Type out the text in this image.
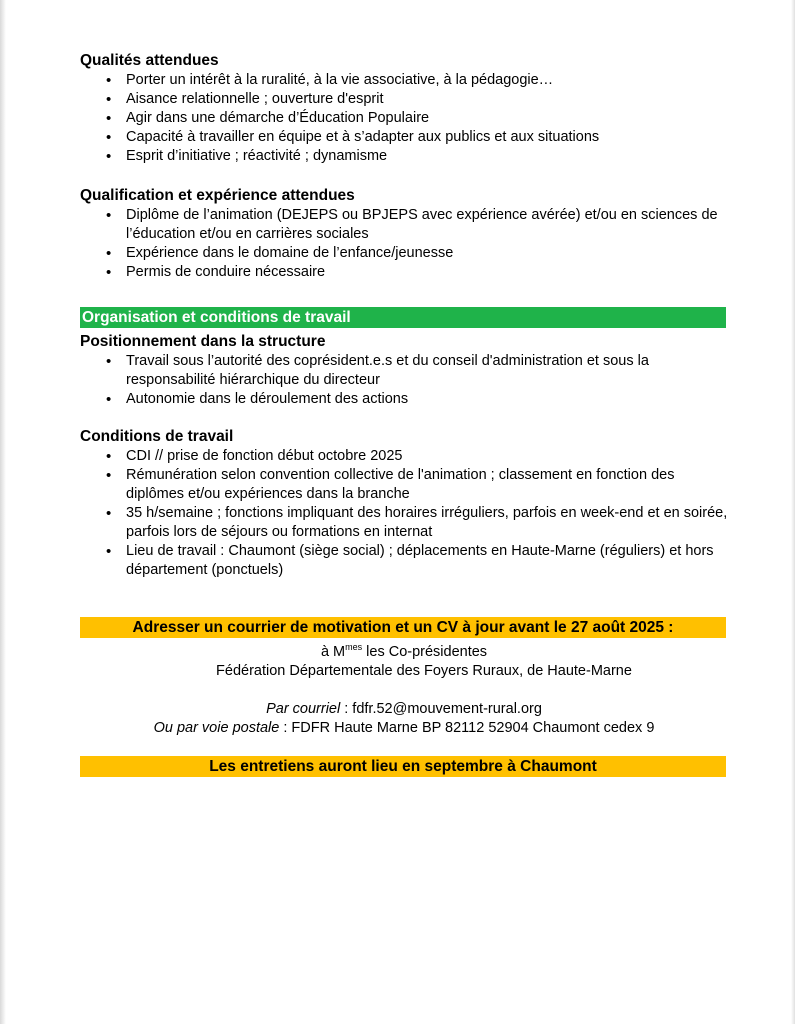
Qualités attendues
• Porter un intérêt à la ruralité, à la vie associative, à la pédagogie…
• Aisance relationnelle ; ouverture d'esprit
• Agir dans une démarche d’Éducation Populaire
• Capacité à travailler en équipe et à s’adapter aux publics et aux situations
• Esprit d’initiative ; réactivité ; dynamisme
Qualification et expérience attendues
• Diplôme de l’animation (DEJEPS ou BPJEPS avec expérience avérée) et/ou en sciences de l’éducation et/ou en carrières sociales
• Expérience dans le domaine de l’enfance/jeunesse
• Permis de conduire nécessaire
Organisation et conditions de travail
Positionnement dans la structure
• Travail sous l’autorité des coprésident.e.s et du conseil d'administration et sous la responsabilité hiérarchique du directeur
• Autonomie dans le déroulement des actions
Conditions de travail
• CDI // prise de fonction début octobre 2025
• Rémunération selon convention collective de l'animation ; classement en fonction des diplômes et/ou expériences dans la branche
• 35 h/semaine ; fonctions impliquant des horaires irréguliers, parfois en week-end et en soirée, parfois lors de séjours ou formations en internat
• Lieu de travail : Chaumont (siège social) ; déplacements en Haute-Marne (réguliers) et hors département (ponctuels)
Adresser un courrier de motivation et un CV à jour avant le 27 août 2025 :
à $M^{mes}$ les Co-présidentes
Fédération Départementale des Foyers Ruraux, de Haute-Marne
Par courriel : fdfr.52@mouvement-rural.org
Ou par voie postale : FDFR Haute Marne BP 82112 52904 Chaumont cedex 9
Les entretiens auront lieu en septembre à Chaumont
